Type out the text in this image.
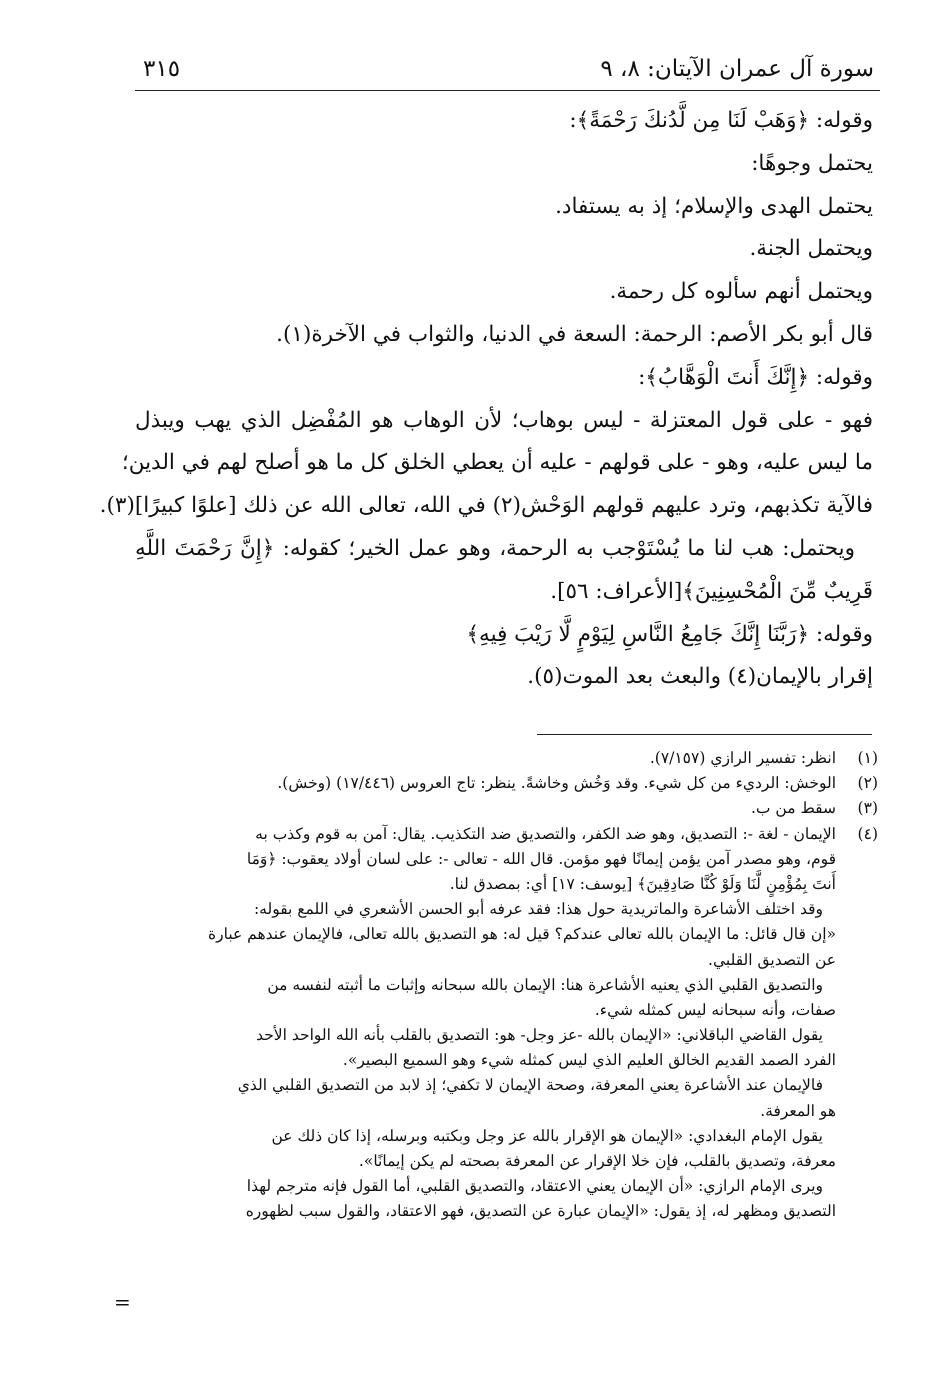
سورة آل عمران الآيتان: ٨، ٩
٣١٥
وقوله: ﴿وَهَبْ لَنَا مِن لَّدُنكَ رَحْمَةً﴾:
يحتمل وجوهًا:
يحتمل الهدى والإسلام؛ إذ به يستفاد.
ويحتمل الجنة.
ويحتمل أنهم سألوه كل رحمة.
قال أبو بكر الأصم: الرحمة: السعة في الدنيا، والثواب في الآخرة(١).
وقوله: ﴿إِنَّكَ أَنتَ الْوَهَّابُ﴾:
فهو - على قول المعتزلة - ليس بوهاب؛ لأن الوهاب هو المُفْضِل الذي يهب ويبذل
ما ليس عليه، وهو - على قولهم - عليه أن يعطي الخلق كل ما هو أصلح لهم في الدين؛
فالآية تكذبهم، وترد عليهم قولهم الوَحْش(٢) في الله، تعالى الله عن ذلك [علوًا كبيرًا](٣).
ويحتمل: هب لنا ما يُسْتَوْجب به الرحمة، وهو عمل الخير؛ كقوله: ﴿إِنَّ رَحْمَتَ اللَّهِ
قَرِيبٌ مِّنَ الْمُحْسِنِينَ﴾[الأعراف: ٥٦].
وقوله: ﴿رَبَّنَا إِنَّكَ جَامِعُ النَّاسِ لِيَوْمٍ لَّا رَيْبَ فِيهِ﴾
إقرار بالإيمان(٤) والبعث بعد الموت(٥).
(١)انظر: تفسير الرازي (٧/١٥٧).
(٢)الوخش: الرديء من كل شيء. وقد وَخُش وخاشةً. ينظر: تاج العروس (١٧/٤٤٦) (وخش).
(٣)سقط من ب.
(٤)الإيمان - لغة -: التصديق، وهو ضد الكفر، والتصديق ضد التكذيب. يقال: آمن به قوم وكذب به
قوم، وهو مصدر آمن يؤمن إيمانًا فهو مؤمن. قال الله - تعالى -: على لسان أولاد يعقوب: ﴿وَمَا
أَنتَ بِمُؤْمِنٍ لَّنَا وَلَوْ كُنَّا صَادِقِينَ﴾ [يوسف: ١٧] أي: بمصدق لنا.
وقد اختلف الأشاعرة والماتريدية حول هذا: فقد عرفه أبو الحسن الأشعري في اللمع بقوله:
«إن قال قائل: ما الإيمان بالله تعالى عندكم؟ قيل له: هو التصديق بالله تعالى، فالإيمان عندهم عبارة
عن التصديق القلبي.
والتصديق القلبي الذي يعنيه الأشاعرة هنا: الإيمان بالله سبحانه وإثبات ما أثبته لنفسه من
صفات، وأنه سبحانه ليس كمثله شيء.
يقول القاضي الباقلاني: «الإيمان بالله -عز وجل- هو: التصديق بالقلب بأنه الله الواحد الأحد
الفرد الصمد القديم الخالق العليم الذي ليس كمثله شيء وهو السميع البصير».
فالإيمان عند الأشاعرة يعني المعرفة، وصحة الإيمان لا تكفي؛ إذ لابد من التصديق القلبي الذي
هو المعرفة.
يقول الإمام البغدادي: «الإيمان هو الإقرار بالله عز وجل وبكتبه وبرسله، إذا كان ذلك عن
معرفة، وتصديق بالقلب، فإن خلا الإقرار عن المعرفة بصحته لم يكن إيمانًا».
ويرى الإمام الرازي: «أن الإيمان يعني الاعتقاد، والتصديق القلبي، أما القول فإنه مترجم لهذا
التصديق ومظهر له، إذ يقول: «الإيمان عبارة عن التصديق، فهو الاعتقاد، والقول سبب لظهوره
=
